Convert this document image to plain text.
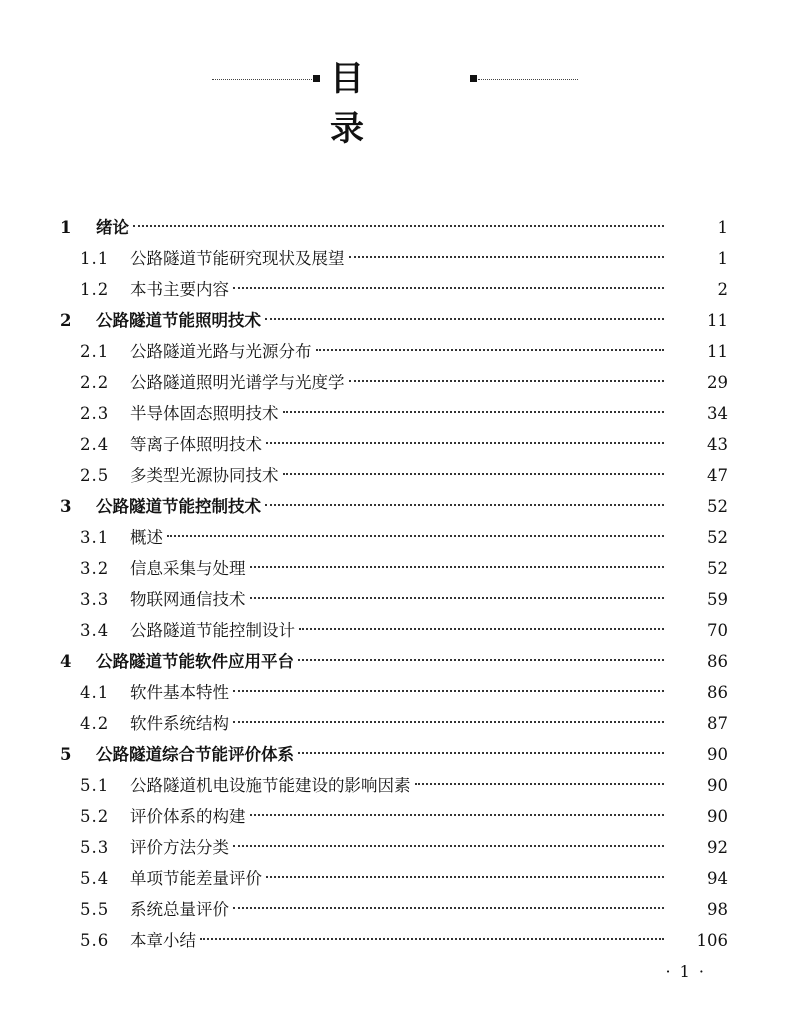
目 录
1	绪论	1
1.1	公路隧道节能研究现状及展望	1
1.2	本书主要内容	2
2	公路隧道节能照明技术	11
2.1	公路隧道光路与光源分布	11
2.2	公路隧道照明光谱学与光度学	29
2.3	半导体固态照明技术	34
2.4	等离子体照明技术	43
2.5	多类型光源协同技术	47
3	公路隧道节能控制技术	52
3.1	概述	52
3.2	信息采集与处理	52
3.3	物联网通信技术	59
3.4	公路隧道节能控制设计	70
4	公路隧道节能软件应用平台	86
4.1	软件基本特性	86
4.2	软件系统结构	87
5	公路隧道综合节能评价体系	90
5.1	公路隧道机电设施节能建设的影响因素	90
5.2	评价体系的构建	90
5.3	评价方法分类	92
5.4	单项节能差量评价	94
5.5	系统总量评价	98
5.6	本章小结	106
· 1 ·
